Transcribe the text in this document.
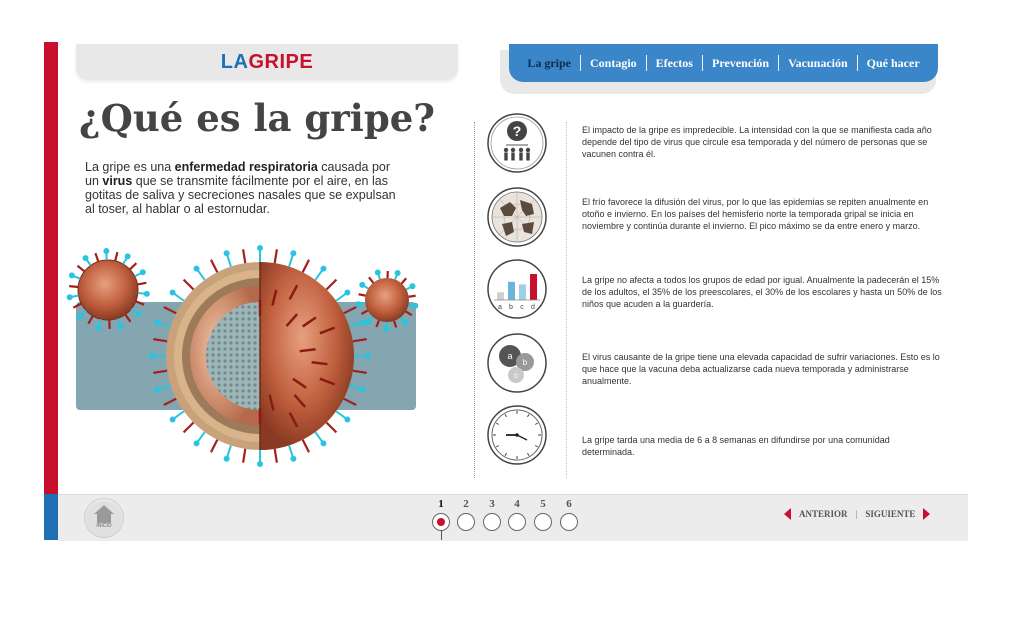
LAGRIPE	La gripe	Contagio	Efectos	Prevención	Vacunación	Qué hacer
¿Qué es la gripe?

La gripe es una enfermedad respiratoria causada por un virus que se transmite fácilmente por el aire, en las gotitas de saliva y secreciones nasales que se expulsan al toser, al hablar o al estornudar.

?	El impacto de la gripe es impredecible. La intensidad con la que se manifiesta cada año depende del tipo de virus que circule esa temporada y del número de personas que se vacunen contra él.

El frío favorece la difusión del virus, por lo que las epidemias se repiten anualmente en otoño e invierno. En los países del hemisferio norte la temporada gripal se inicia en noviembre y continúa durante el invierno. El pico máximo se da entre enero y marzo.

a b c d

La gripe no afecta a todos los grupos de edad por igual. Anualmente la padecerán el 15% de los adultos, el 35% de los preescolares, el 30% de los escolares y hasta un 50% de los niños que acuden a la guardería.

a
b
c

El virus causante de la gripe tiene una elevada capacidad de sufrir variaciones. Esto es lo que hace que la vacuna deba actualizarse cada nueva temporada y administrarse anualmente.

La gripe tarda una media de 6 a 8 semanas en difundirse por una comunidad determinada.

INICIO
1	2	3	4	5	6
ANTERIOR | SIGUIENTE
